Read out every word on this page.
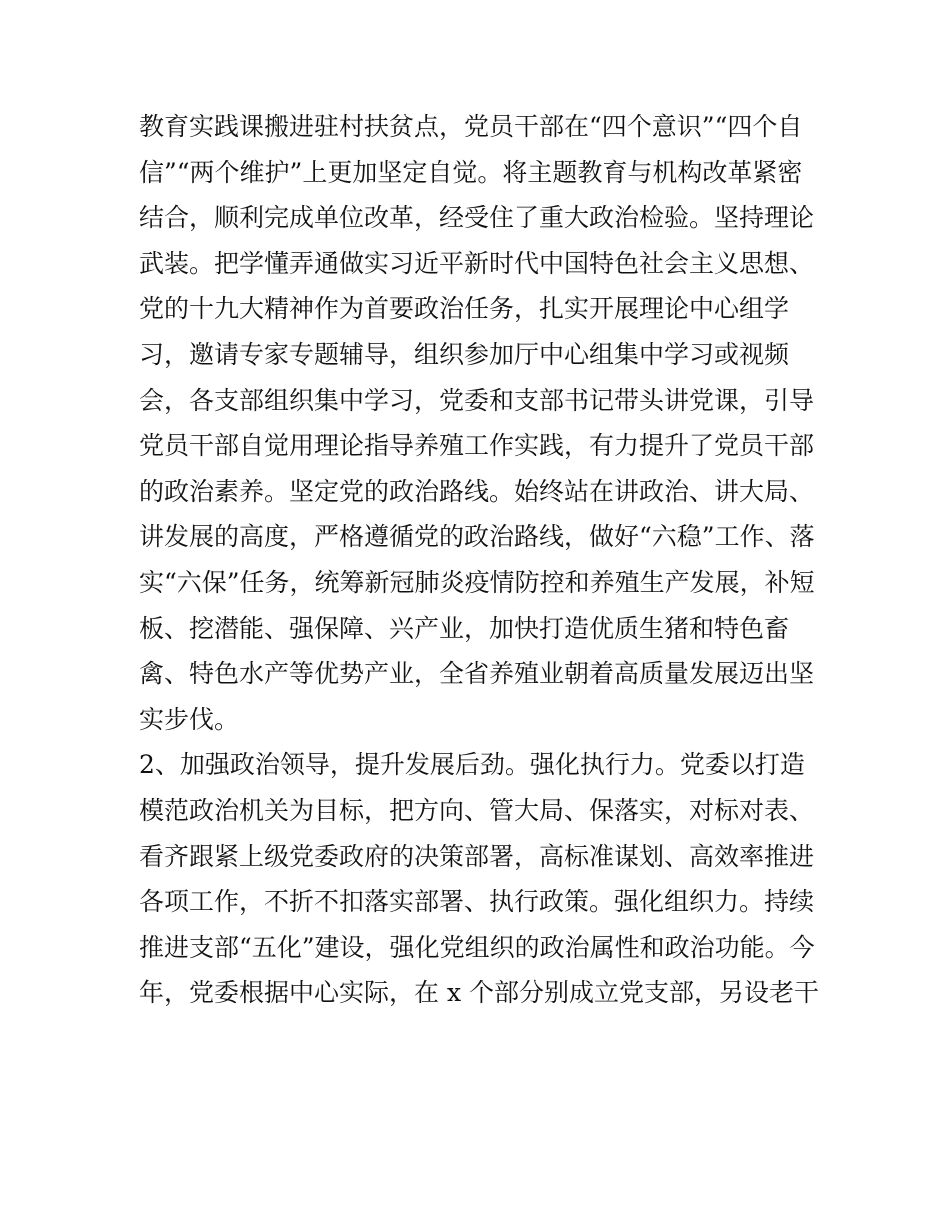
教育实践课搬进驻村扶贫点，党员干部在“四个意识”“四个自
信”“两个维护”上更加坚定自觉。将主题教育与机构改革紧密
结合，顺利完成单位改革，经受住了重大政治检验。坚持理论
武装。把学懂弄通做实习近平新时代中国特色社会主义思想、
党的十九大精神作为首要政治任务，扎实开展理论中心组学
习，邀请专家专题辅导，组织参加厅中心组集中学习或视频
会，各支部组织集中学习，党委和支部书记带头讲党课，引导
党员干部自觉用理论指导养殖工作实践，有力提升了党员干部
的政治素养。坚定党的政治路线。始终站在讲政治、讲大局、
讲发展的高度，严格遵循党的政治路线，做好“六稳”工作、落
实“六保”任务，统筹新冠肺炎疫情防控和养殖生产发展，补短
板、挖潜能、强保障、兴产业，加快打造优质生猪和特色畜
禽、特色水产等优势产业，全省养殖业朝着高质量发展迈出坚
实步伐。
2、加强政治领导，提升发展后劲。强化执行力。党委以打造
模范政治机关为目标，把方向、管大局、保落实，对标对表、
看齐跟紧上级党委政府的决策部署，高标准谋划、高效率推进
各项工作，不折不扣落实部署、执行政策。强化组织力。持续
推进支部“五化”建设，强化党组织的政治属性和政治功能。今
年，党委根据中心实际，在 x 个部分别成立党支部，另设老干
